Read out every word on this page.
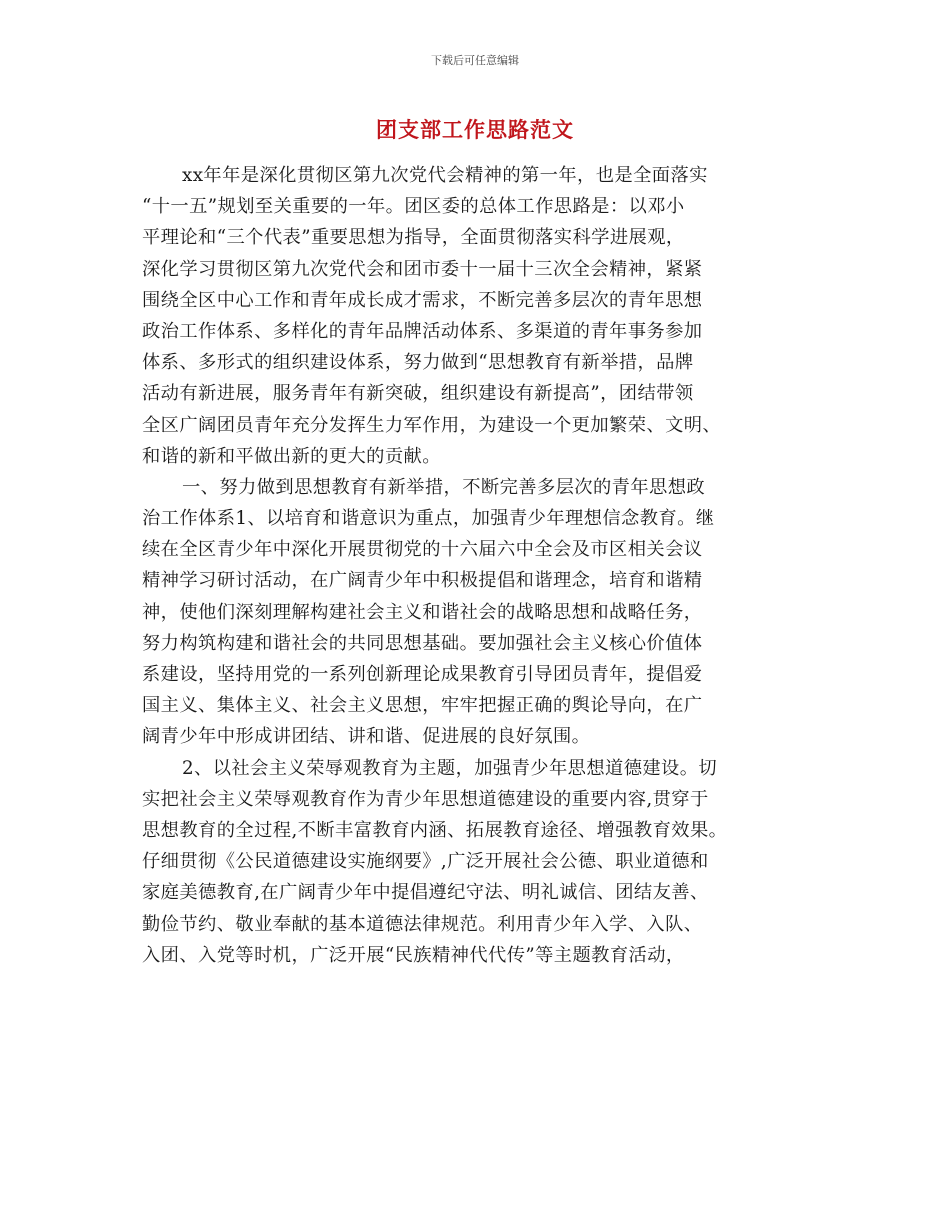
下载后可任意编辑
团支部工作思路范文
xx年年是深化贯彻区第九次党代会精神的第一年，也是全面落实
“十一五”规划至关重要的一年。团区委的总体工作思路是：以邓小
平理论和“三个代表”重要思想为指导，全面贯彻落实科学进展观，
深化学习贯彻区第九次党代会和团市委十一届十三次全会精神，紧紧
围绕全区中心工作和青年成长成才需求，不断完善多层次的青年思想
政治工作体系、多样化的青年品牌活动体系、多渠道的青年事务参加
体系、多形式的组织建设体系，努力做到“思想教育有新举措，品牌
活动有新进展，服务青年有新突破，组织建设有新提高”，团结带领
全区广阔团员青年充分发挥生力军作用，为建设一个更加繁荣、文明、
和谐的新和平做出新的更大的贡献。
一、努力做到思想教育有新举措，不断完善多层次的青年思想政
治工作体系1、以培育和谐意识为重点，加强青少年理想信念教育。继
续在全区青少年中深化开展贯彻党的十六届六中全会及市区相关会议
精神学习研讨活动，在广阔青少年中积极提倡和谐理念，培育和谐精
神，使他们深刻理解构建社会主义和谐社会的战略思想和战略任务，
努力构筑构建和谐社会的共同思想基础。要加强社会主义核心价值体
系建设，坚持用党的一系列创新理论成果教育引导团员青年，提倡爱
国主义、集体主义、社会主义思想，牢牢把握正确的舆论导向，在广
阔青少年中形成讲团结、讲和谐、促进展的良好氛围。
2、以社会主义荣辱观教育为主题，加强青少年思想道德建设。切
实把社会主义荣辱观教育作为青少年思想道德建设的重要内容,贯穿于
思想教育的全过程,不断丰富教育内涵、拓展教育途径、增强教育效果。
仔细贯彻《公民道德建设实施纲要》,广泛开展社会公德、职业道德和
家庭美德教育,在广阔青少年中提倡遵纪守法、明礼诚信、团结友善、
勤俭节约、敬业奉献的基本道德法律规范。利用青少年入学、入队、
入团、入党等时机，广泛开展“民族精神代代传”等主题教育活动，
